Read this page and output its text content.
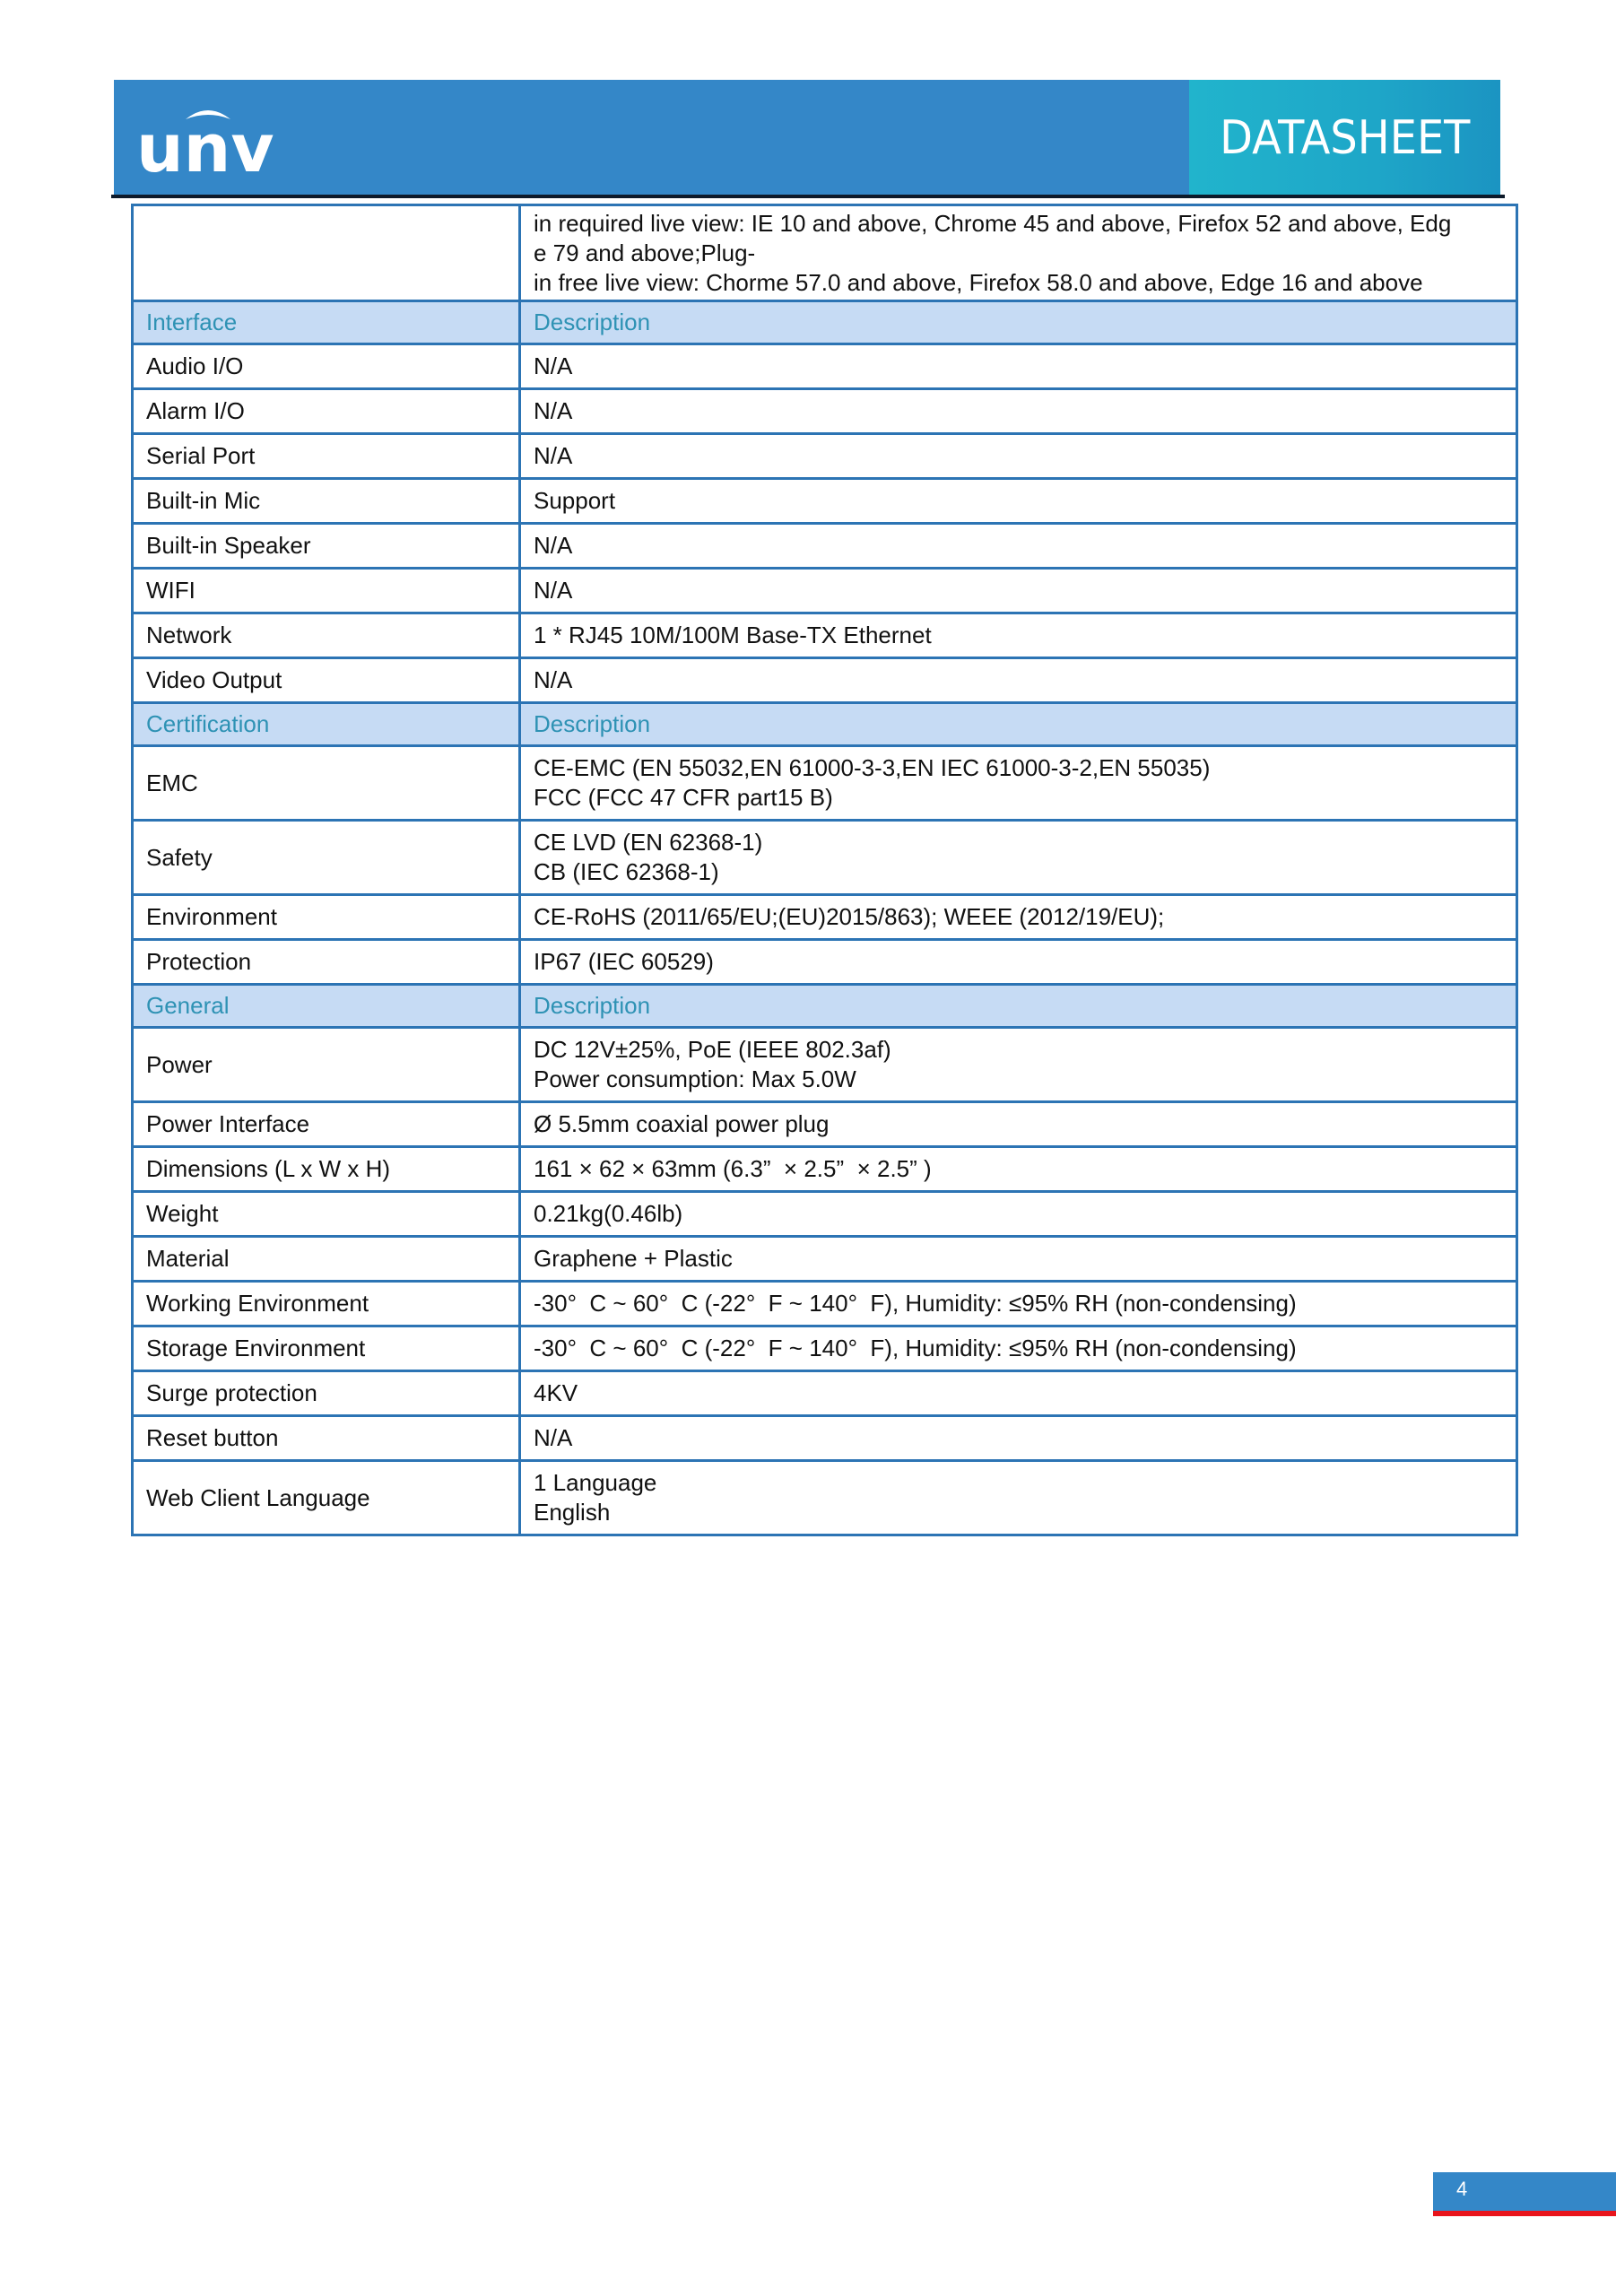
unv	DATASHEET
	in required live view: IE 10 and above, Chrome 45 and above, Firefox 52 and above, Edg
e 79 and above;Plug-
in free live view: Chorme 57.0 and above, Firefox 58.0 and above, Edge 16 and above
Interface	Description
Audio I/O	N/A
Alarm I/O	N/A
Serial Port	N/A
Built-in Mic	Support
Built-in Speaker	N/A
WIFI	N/A
Network	1 * RJ45 10M/100M Base-TX Ethernet
Video Output	N/A
Certification	Description
EMC	CE-EMC (EN 55032,EN 61000-3-3,EN IEC 61000-3-2,EN 55035)
FCC (FCC 47 CFR part15 B)
Safety	CE LVD (EN 62368-1)
CB (IEC 62368-1)
Environment	CE-RoHS (2011/65/EU;(EU)2015/863); WEEE (2012/19/EU);
Protection	IP67 (IEC 60529)
General	Description
Power	DC 12V±25%, PoE (IEEE 802.3af)
Power consumption: Max 5.0W
Power Interface	Ø 5.5mm coaxial power plug
Dimensions (L x W x H)	161 × 62 × 63mm (6.3”  × 2.5”  × 2.5” )
Weight	0.21kg(0.46lb)
Material	Graphene + Plastic
Working Environment	-30°  C ~ 60°  C (-22°  F ~ 140°  F), Humidity: ≤95% RH (non-condensing)
Storage Environment	-30°  C ~ 60°  C (-22°  F ~ 140°  F), Humidity: ≤95% RH (non-condensing)
Surge protection	4KV
Reset button	N/A
Web Client Language	1 Language
English
4
